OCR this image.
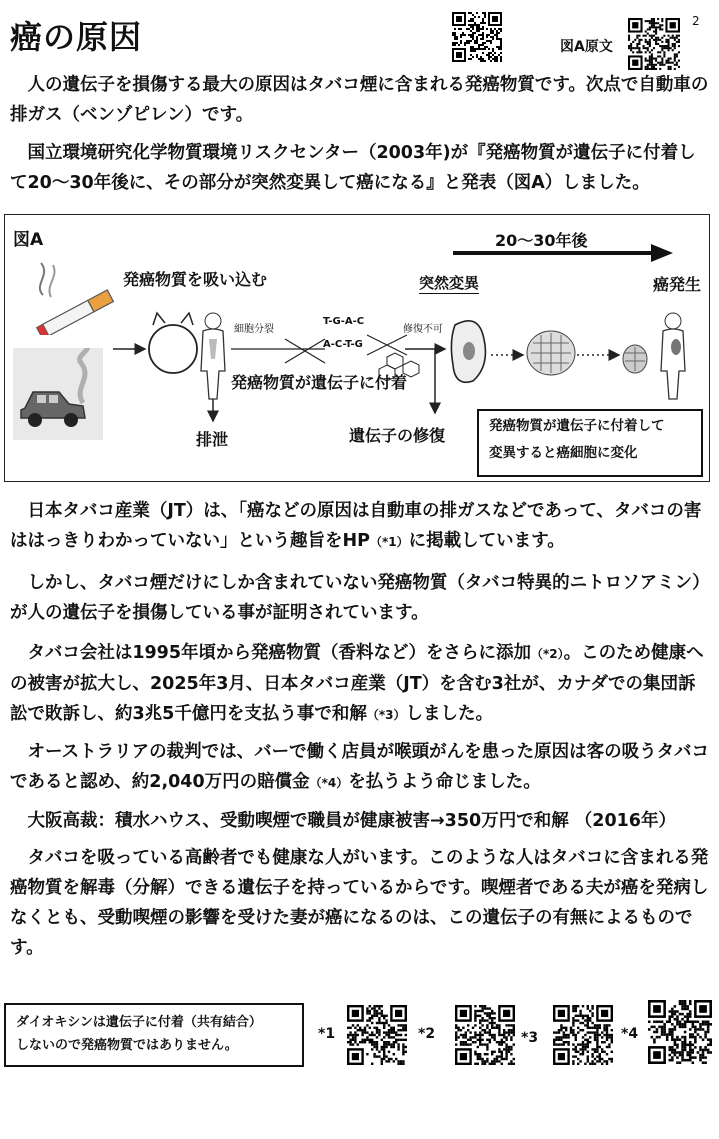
癌の原因	2
図A原文

　人の遺伝子を損傷する最大の原因はタバコ煙に含まれる発癌物質です。次点で自動車の排ガス（ベンゾピレン）です。

　国立環境研究化学物質環境リスクセンター（2003年)が『発癌物質が遺伝子に付着して20～30年後に、その部分が突然変異して癌になる』と発表（図A）しました。

図A
発癌物質を吸い込む
20～30年後
細胞分裂
T-G-A-C
A-C-T-G
修復不可
突然変異	癌発生
発癌物質が遺伝子に付着
排泄	遺伝子の修復	発癌物質が遺伝子に付着して
変異すると癌細胞に変化

　日本タバコ産業（JT）は、「癌などの原因は自動車の排ガスなどであって、タバコの害ははっきりわかっていない」という趣旨をHP（*1）に掲載しています。

　しかし、タバコ煙だけにしか含まれていない発癌物質（タバコ特異的ニトロソアミン）が人の遺伝子を損傷している事が証明されています。

　タバコ会社は1995年頃から発癌物質（香料など）をさらに添加（*2）。このため健康への被害が拡大し、2025年3月、日本タバコ産業（JT）を含む3社が、カナダでの集団訴訟で敗訴し、約3兆5千億円を支払う事で和解（*3）しました。

　オーストラリアの裁判では、バーで働く店員が喉頭がんを患った原因は客の吸うタバコであると認め、約2,040万円の賠償金（*4）を払うよう命じました。

　大阪高裁：積水ハウス、受動喫煙で職員が健康被害→350万円で和解 （2016年）

　タバコを吸っている高齢者でも健康な人がいます。このような人はタバコに含まれる発癌物質を解毒（分解）できる遺伝子を持っているからです。喫煙者である夫が癌を発病しなくとも、受動喫煙の影響を受けた妻が癌になるのは、この遺伝子の有無によるものです。

ダイオキシンは遺伝子に付着（共有結合）
しないので発癌物質ではありません。
*1	*2	*3	*4
